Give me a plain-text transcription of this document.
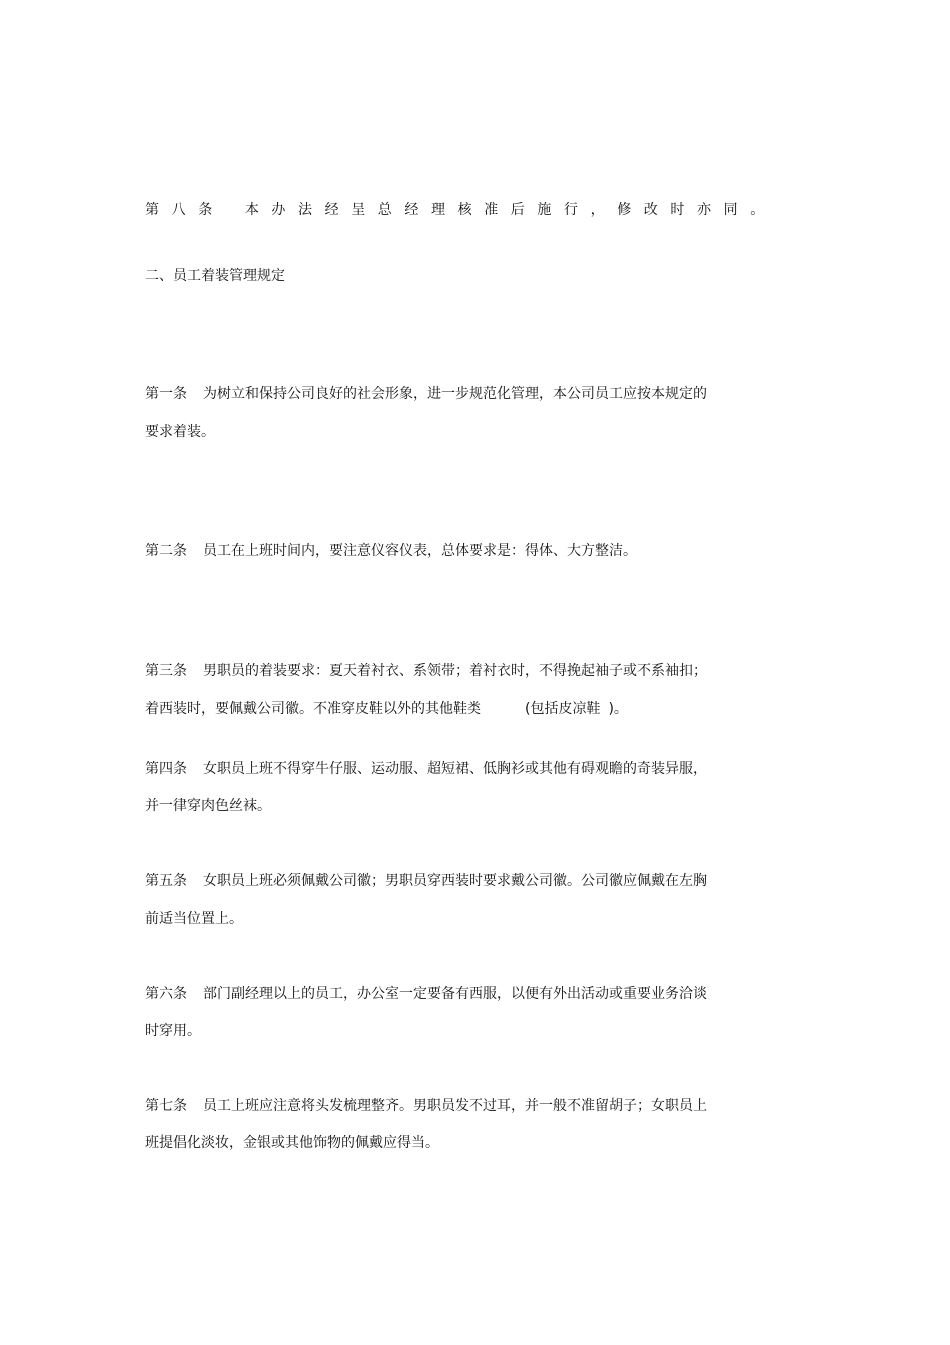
第八条 本办法经呈总经理核准后施行，修改时亦同。
二、员工着装管理规定
第一条 为树立和保持公司良好的社会形象，进一步规范化管理，本公司员工应按本规定的
要求着装。
第二条 员工在上班时间内，要注意仪容仪表，总体要求是：得体、大方整洁。
第三条 男职员的着装要求：夏天着衬衣、系领带；着衬衣时，不得挽起袖子或不系袖扣；
着西装时，要佩戴公司徽。不准穿皮鞋以外的其他鞋类	(包括皮凉鞋 )。
第四条 女职员上班不得穿牛仔服、运动服、超短裙、低胸衫或其他有碍观瞻的奇装异服，
并一律穿肉色丝袜。
第五条 女职员上班必须佩戴公司徽；男职员穿西装时要求戴公司徽。公司徽应佩戴在左胸
前适当位置上。
第六条 部门副经理以上的员工，办公室一定要备有西服，以便有外出活动或重要业务洽谈
时穿用。
第七条 员工上班应注意将头发梳理整齐。男职员发不过耳，并一般不准留胡子；女职员上
班提倡化淡妆，金银或其他饰物的佩戴应得当。
